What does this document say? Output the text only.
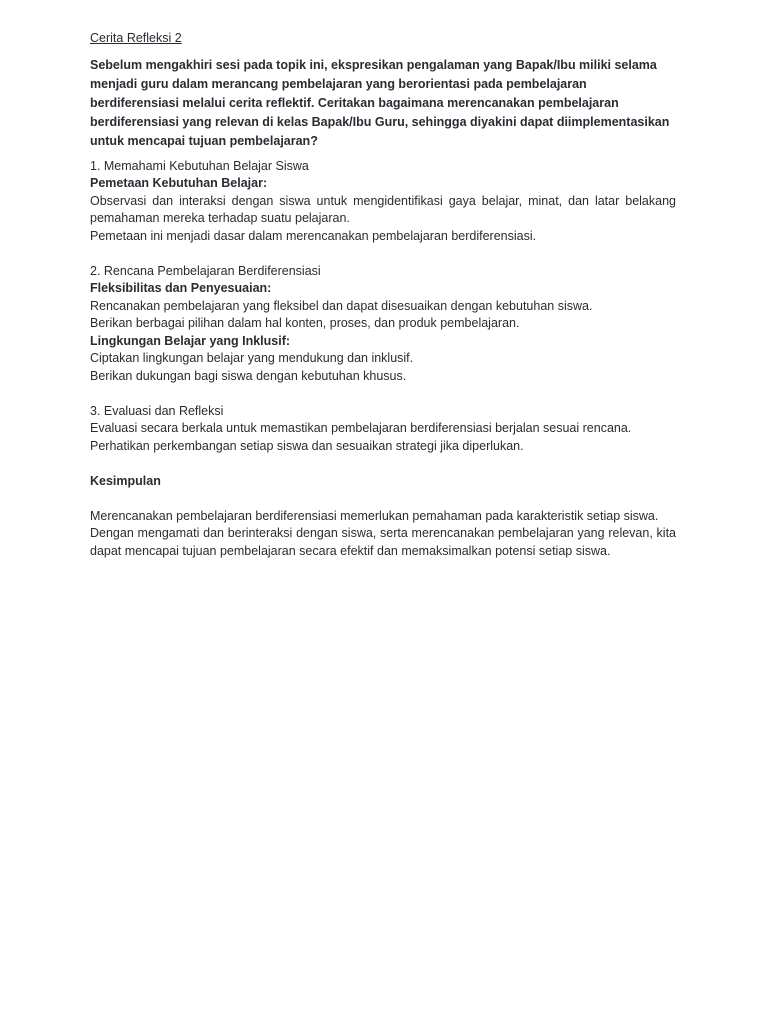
Cerita Refleksi 2

Sebelum mengakhiri sesi pada topik ini, ekspresikan pengalaman yang Bapak/Ibu miliki selama menjadi guru dalam merancang pembelajaran yang berorientasi pada pembelajaran berdiferensiasi melalui cerita reflektif. Ceritakan bagaimana merencanakan pembelajaran berdiferensiasi yang relevan di kelas Bapak/Ibu Guru, sehingga diyakini dapat diimplementasikan untuk mencapai tujuan pembelajaran?

1. Memahami Kebutuhan Belajar Siswa

Pemetaan Kebutuhan Belajar:

Observasi dan interaksi dengan siswa untuk mengidentifikasi gaya belajar, minat, dan latar belakang pemahaman mereka terhadap suatu pelajaran.

Pemetaan ini menjadi dasar dalam merencanakan pembelajaran berdiferensiasi.

2. Rencana Pembelajaran Berdiferensiasi

Fleksibilitas dan Penyesuaian:

Rencanakan pembelajaran yang fleksibel dan dapat disesuaikan dengan kebutuhan siswa.

Berikan berbagai pilihan dalam hal konten, proses, dan produk pembelajaran.

Lingkungan Belajar yang Inklusif:

Ciptakan lingkungan belajar yang mendukung dan inklusif.

Berikan dukungan bagi siswa dengan kebutuhan khusus.

3. Evaluasi dan Refleksi

Evaluasi secara berkala untuk memastikan pembelajaran berdiferensiasi berjalan sesuai rencana.

Perhatikan perkembangan setiap siswa dan sesuaikan strategi jika diperlukan.

Kesimpulan

Merencanakan pembelajaran berdiferensiasi memerlukan pemahaman pada karakteristik setiap siswa.

Dengan mengamati dan berinteraksi dengan siswa, serta merencanakan pembelajaran yang relevan, kita dapat mencapai tujuan pembelajaran secara efektif dan memaksimalkan potensi setiap siswa.
